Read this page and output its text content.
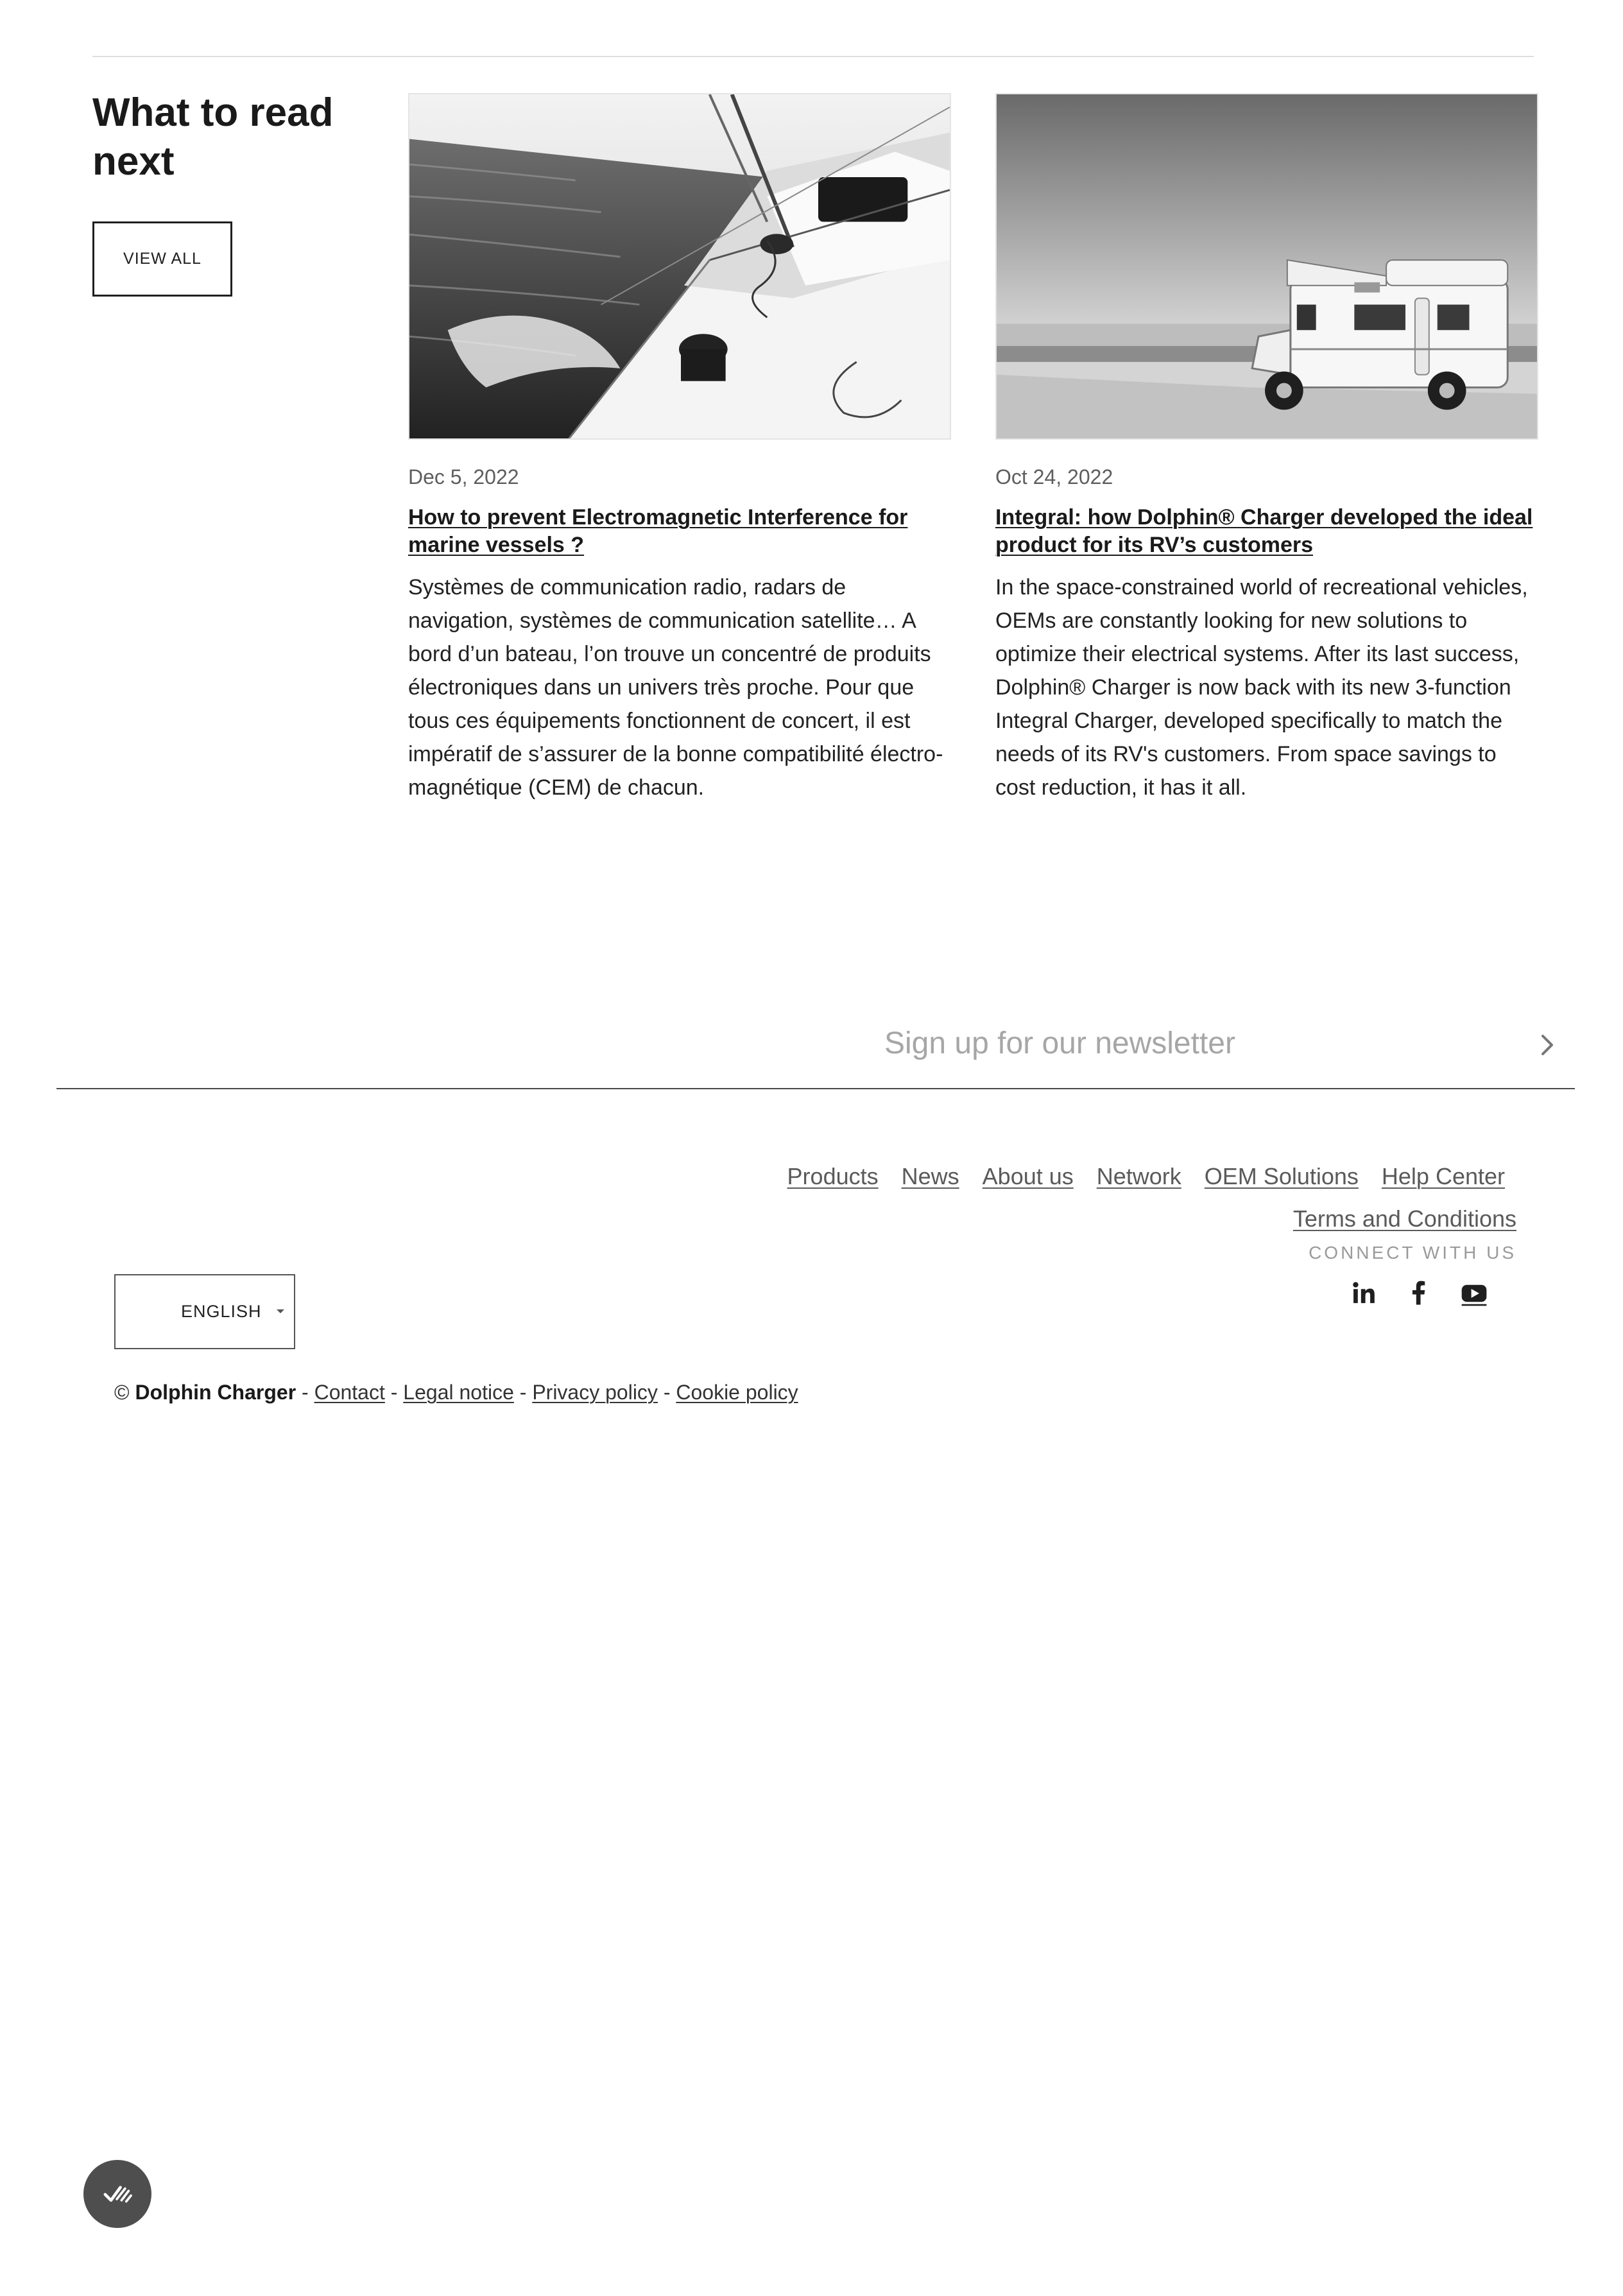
What to read next
VIEW ALL
Dec 5, 2022
How to prevent Electromagnetic Interference for marine vessels ?
Systèmes de communication radio, radars de navigation, systèmes de communication satellite… A bord d’un bateau, l’on trouve un concentré de produits électroniques dans un univers très proche. Pour que tous ces équipements fonctionnent de concert, il est impératif de s’assurer de la bonne compatibilité électro-magnétique (CEM) de chacun.
Oct 24, 2022
Integral: how Dolphin® Charger developed the ideal product for its RV’s customers
In the space-constrained world of recreational vehicles, OEMs are constantly looking for new solutions to optimize their electrical systems. After its last success, Dolphin® Charger is now back with its new 3-function Integral Charger, developed specifically to match the needs of its RV's customers. From space savings to cost reduction, it has it all.
Sign up for our newsletter
Products News About us Network OEM Solutions Help Center
Terms and Conditions
CONNECT WITH US
ENGLISH
© Dolphin Charger - Contact - Legal notice - Privacy policy - Cookie policy
